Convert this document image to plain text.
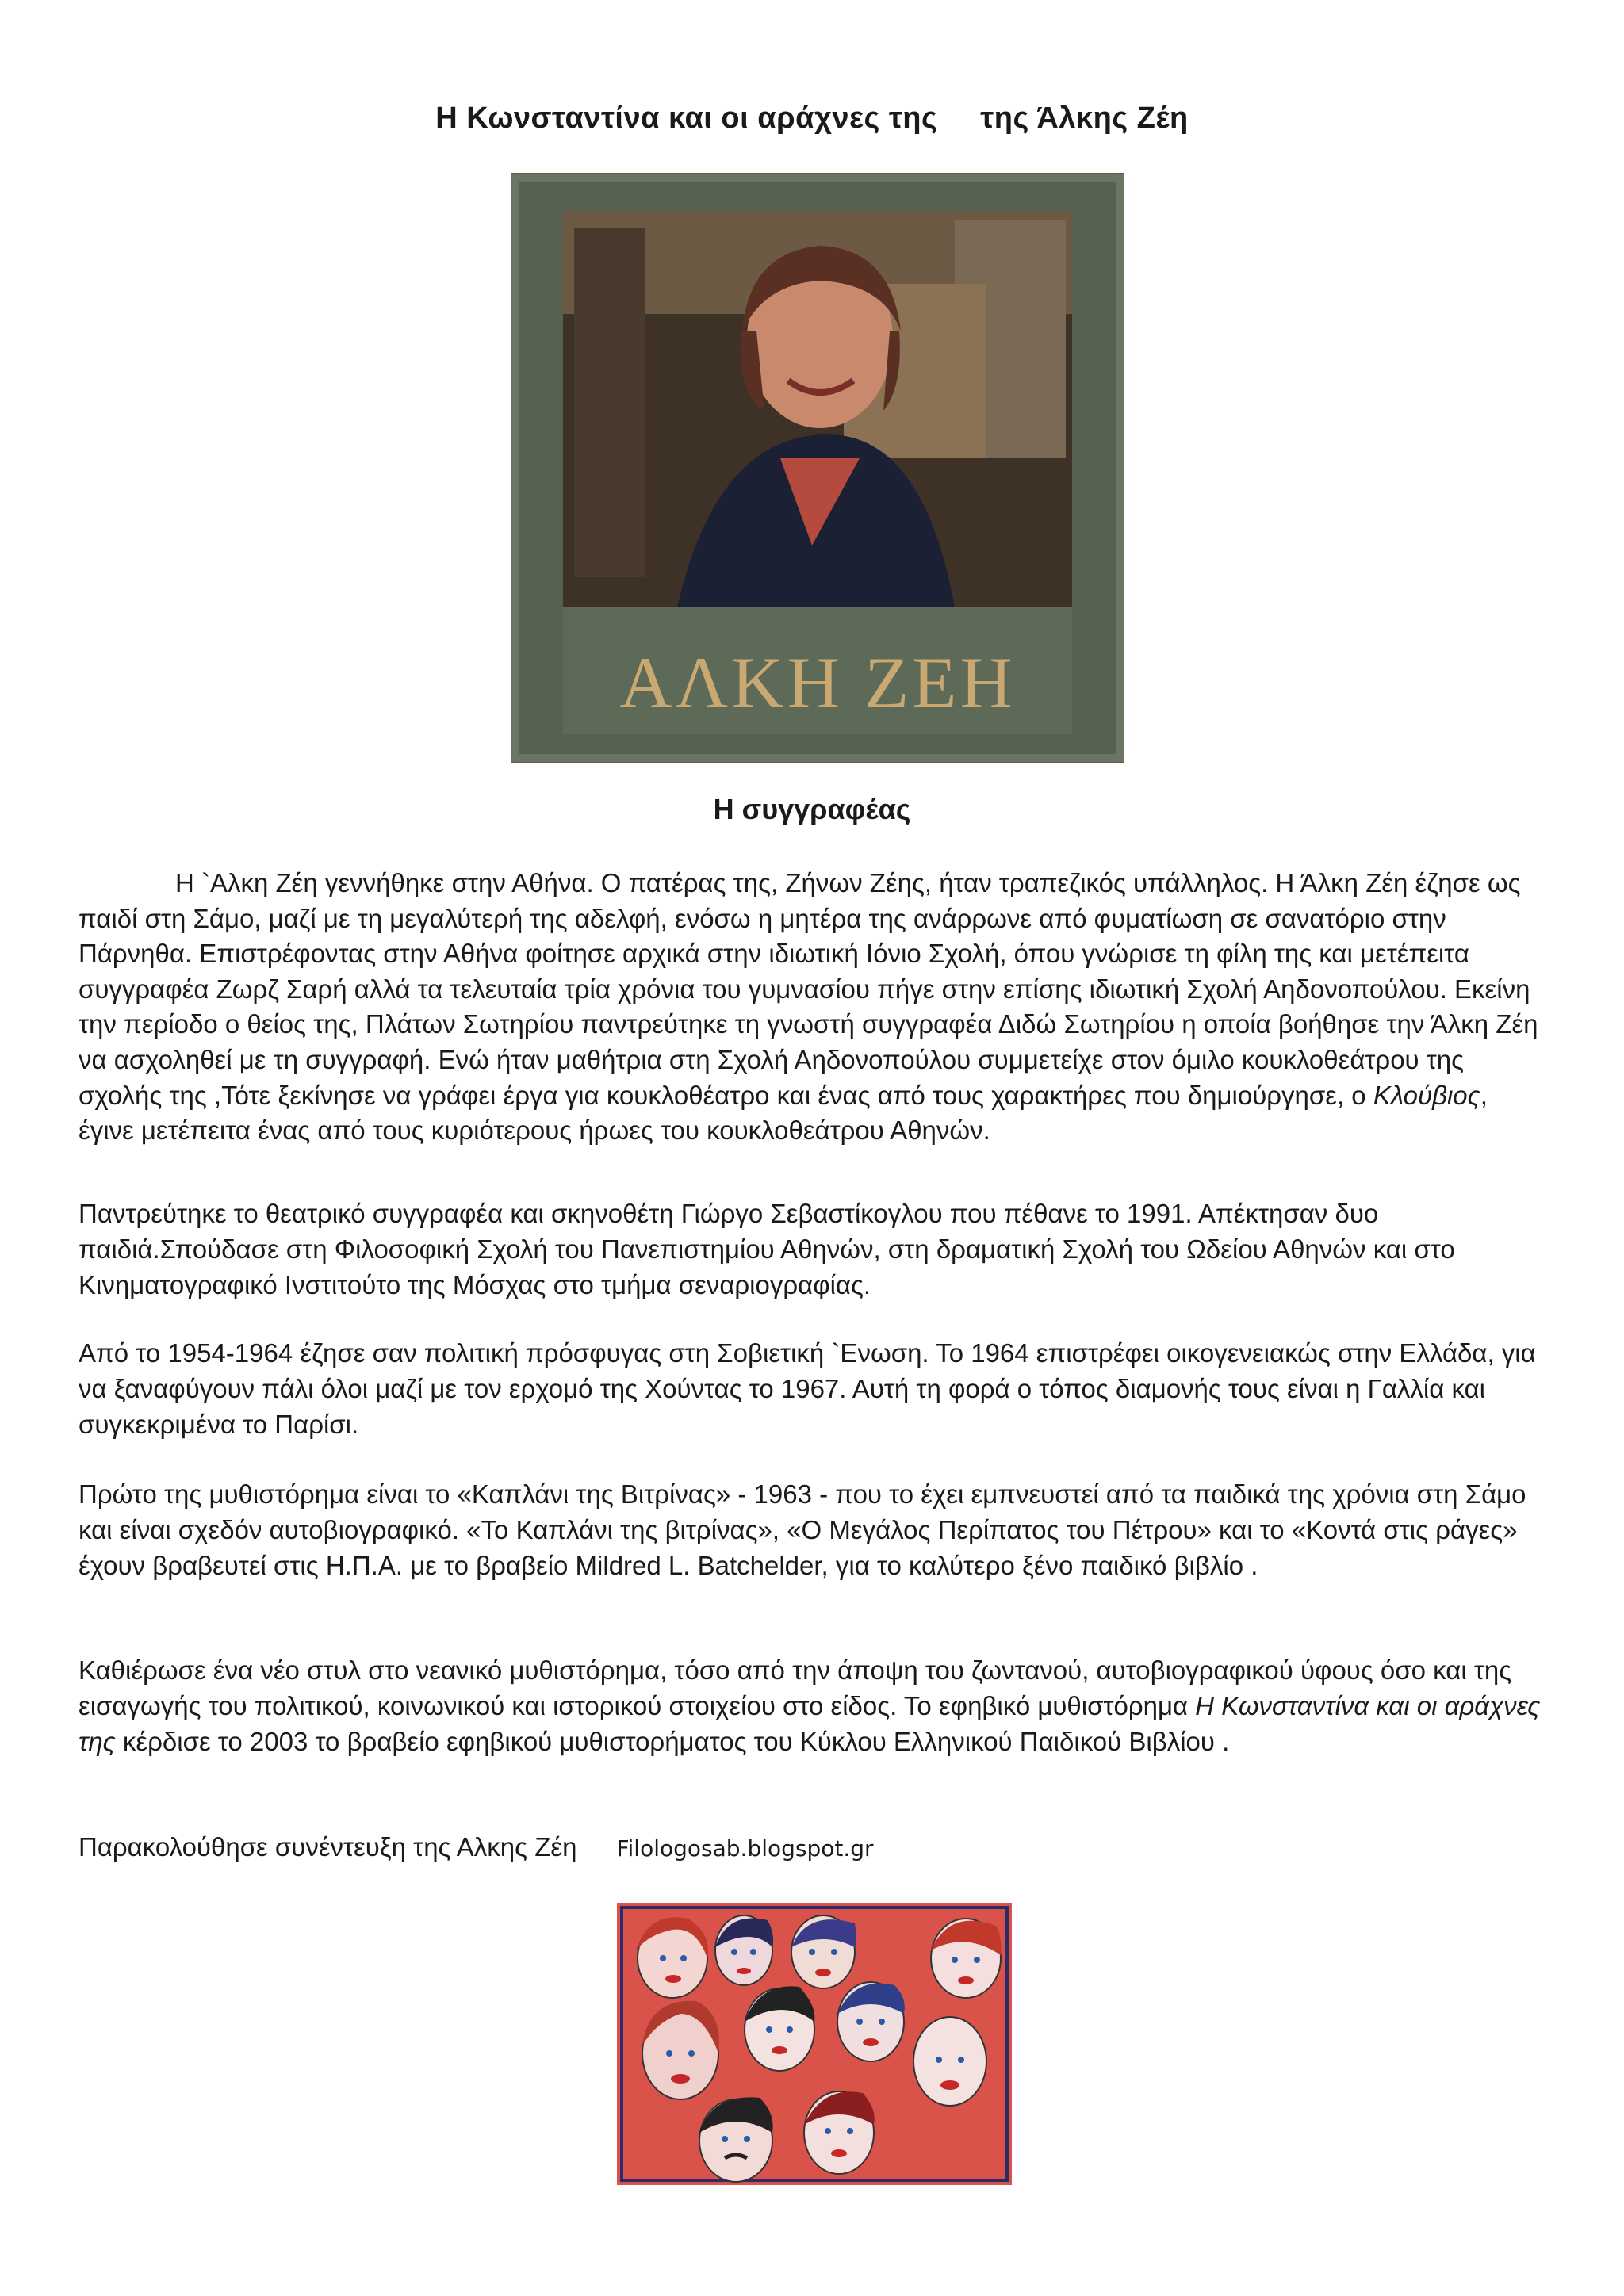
Η Κωνσταντίνα και οι αράχνες της της Άλκης Ζέη
ΑΛΚΗ ΖΕΗ
Η συγγραφέας

Η `Αλκη Ζέη γεννήθηκε στην Αθήνα. Ο πατέρας της, Ζήνων Ζέης, ήταν τραπεζικός υπάλληλος. Η Άλκη Ζέη έζησε ως παιδί στη Σάμο, μαζί με τη μεγαλύτερή της αδελφή, ενόσω η μητέρα της ανάρρωνε από φυματίωση σε σανατόριο στην Πάρνηθα. Επιστρέφοντας στην Αθήνα φοίτησε αρχικά στην ιδιωτική Ιόνιο Σχολή, όπου γνώρισε τη φίλη της και μετέπειτα συγγραφέα Ζωρζ Σαρή αλλά τα τελευταία τρία χρόνια του γυμνασίου πήγε στην επίσης ιδιωτική Σχολή Αηδονοπούλου. Εκείνη την περίοδο ο θείος της, Πλάτων Σωτηρίου παντρεύτηκε τη γνωστή συγγραφέα Διδώ Σωτηρίου η οποία βοήθησε την Άλκη Ζέη να ασχοληθεί με τη συγγραφή. Ενώ ήταν μαθήτρια στη Σχολή Αηδονοπούλου συμμετείχε στον όμιλο κουκλοθεάτρου της σχολής της ,Τότε ξεκίνησε να γράφει έργα για κουκλοθέατρο και ένας από τους χαρακτήρες που δημιούργησε, ο Κλούβιος, έγινε μετέπειτα ένας από τους κυριότερους ήρωες του κουκλοθεάτρου Αθηνών.

Παντρεύτηκε το θεατρικό συγγραφέα και σκηνοθέτη Γιώργο Σεβαστίκογλου που πέθανε το 1991. Απέκτησαν δυο παιδιά.Σπούδασε στη Φιλοσοφική Σχολή του Πανεπιστημίου Αθηνών, στη δραματική Σχολή του Ωδείου Αθηνών και στο Κινηματογραφικό Ινστιτούτο της Μόσχας στο τμήμα σεναριογραφίας.

Από το 1954-1964 έζησε σαν πολιτική πρόσφυγας στη Σοβιετική `Ενωση. Το 1964 επιστρέφει οικογενειακώς στην Ελλάδα, για να ξαναφύγουν πάλι όλοι μαζί με τον ερχομό της Χούντας το 1967. Αυτή τη φορά ο τόπος διαμονής τους είναι η Γαλλία και συγκεκριμένα το Παρίσι.

Πρώτο της μυθιστόρημα είναι το «Καπλάνι της Βιτρίνας» - 1963 - που το έχει εμπνευστεί από τα παιδικά της χρόνια στη Σάμο και είναι σχεδόν αυτοβιογραφικό. «Το Καπλάνι της βιτρίνας», «Ο Μεγάλος Περίπατος του Πέτρου» και το «Κοντά στις ράγες» έχουν βραβευτεί στις Η.Π.Α. με το βραβείο Mildred L. Batchelder, για το καλύτερο ξένο παιδικό βιβλίο .

Καθιέρωσε ένα νέο στυλ στο νεανικό μυθιστόρημα, τόσο από την άποψη του ζωντανού, αυτοβιογραφικού ύφους όσο και της εισαγωγής του πολιτικού, κοινωνικού και ιστορικού στοιχείου στο είδος. Το εφηβικό μυθιστόρημα Η Κωνσταντίνα και οι αράχνες της κέρδισε το 2003 το βραβείο εφηβικού μυθιστορήματος του Κύκλου Ελληνικού Παιδικού Βιβλίου .

Παρακολούθησε συνέντευξη της Αλκης Ζέη Filologosab.blogspot.gr
